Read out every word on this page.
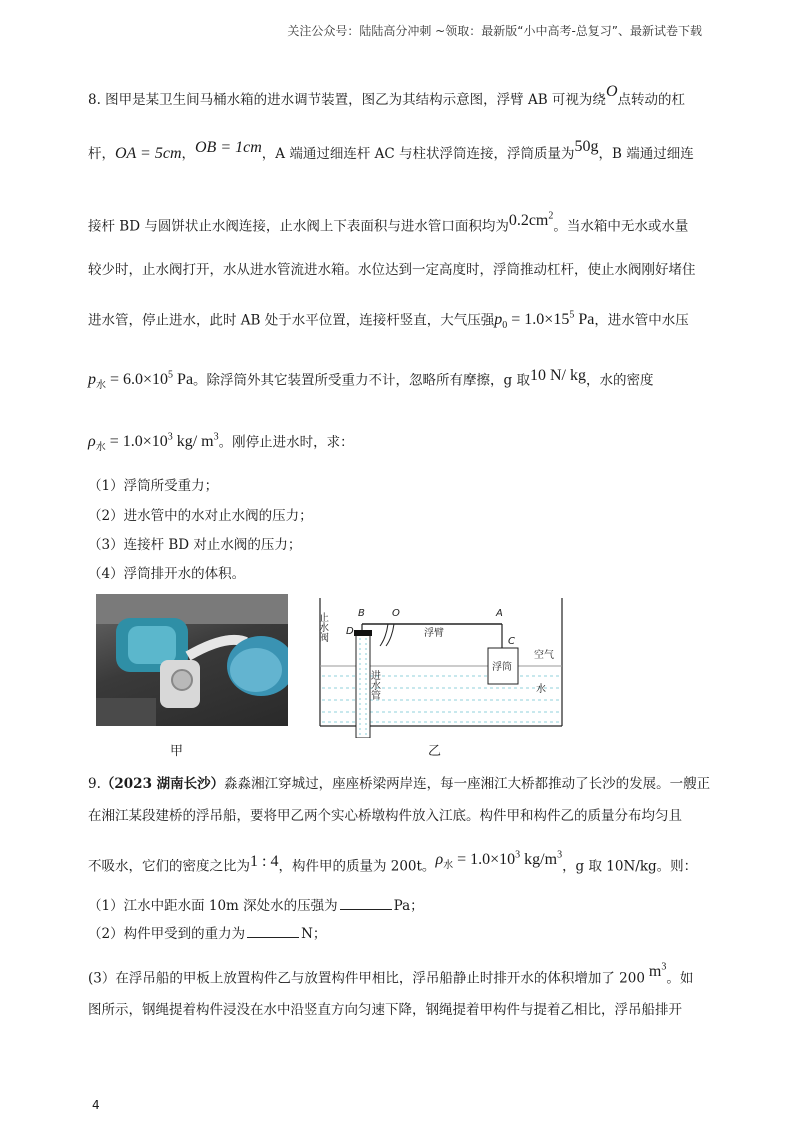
关注公众号：陆陆高分冲刺 ~领取：最新版“小中高考-总复习”、最新试卷下载
8. 图甲是某卫生间马桶水箱的进水调节装置，图乙为其结构示意图，浮臂 AB 可视为绕O点转动的杠
杆，OA = 5cm，OB = 1cm，A 端通过细连杆 AC 与柱状浮筒连接，浮筒质量为50g，B 端通过细连
接杆 BD 与圆饼状止水阀连接，止水阀上下表面积与进水管口面积均为$0.2cm^2$。当水箱中无水或水量
较少时，止水阀打开，水从进水管流进水箱。水位达到一定高度时，浮筒推动杠杆，使止水阀刚好堵住
进水管，停止进水，此时 AB 处于水平位置，连接杆竖直，大气压强$p_0 = 1.0\times 15^5$ Pa，进水管中水压
$p_水 = 6.0\times 10^5$ Pa。除浮筒外其它装置所受重力不计，忽略所有摩擦，g 取10 N/ kg，水的密度
$\rho_水 = 1.0\times 10^3$ kg/ $m^3$。刚停止进水时，求：
（1）浮筒所受重力；
（2）进水管中的水对止水阀的压力；
（3）连接杆 BD 对止水阀的压力；
（4）浮筒排开水的体积。
止水阀	B
D
O	A
C
浮臂
浮筒
空气
水
进水管
甲	乙
9.（2023 湖南长沙）淼淼湘江穿城过，座座桥梁两岸连，每一座湘江大桥都推动了长沙的发展。一艘正
在湘江某段建桥的浮吊船，要将甲乙两个实心桥墩构件放入江底。构件甲和构件乙的质量分布均匀且
不吸水，它们的密度之比为1 : 4，构件甲的质量为 200t。$\rho_水 = 1.0\times 10^3$ $kg/m^3$，g 取 10N/kg。则：
（1）江水中距水面 10m 深处水的压强为	Pa；
（2）构件甲受到的重力为	N；
(3）在浮吊船的甲板上放置构件乙与放置构件甲相比，浮吊船静止时排开水的体积增加了 200 $m^3$。如
图所示，钢绳提着构件浸没在水中沿竖直方向匀速下降，钢绳提着甲构件与提着乙相比，浮吊船排开
4
